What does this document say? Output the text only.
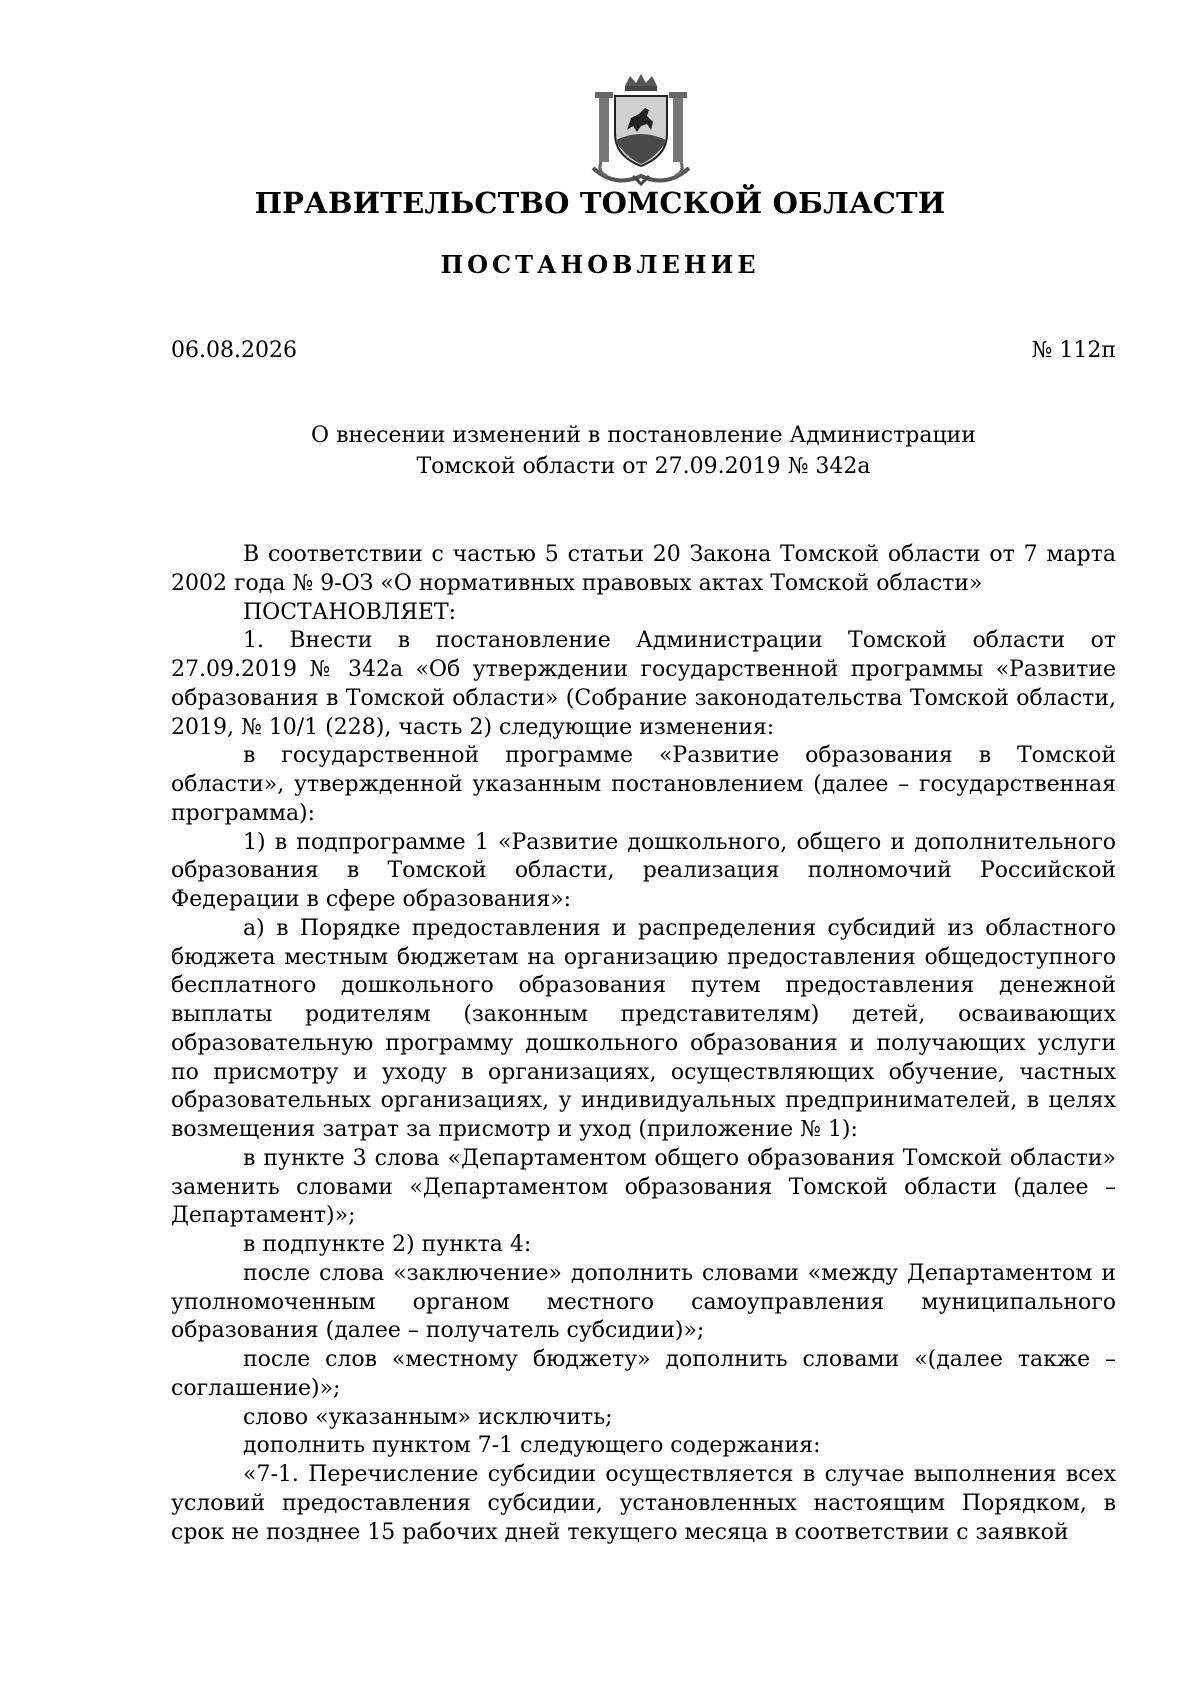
ПРАВИТЕЛЬСТВО ТОМСКОЙ ОБЛАСТИ
ПОСТАНОВЛЕНИЕ
06.08.2026	№ 112п
О внесении изменений в постановление Администрации
Томской области от 27.09.2019 № 342а

В соответствии с частью 5 статьи 20 Закона Томской области от 7 марта 2002 года № 9-ОЗ «О нормативных правовых актах Томской области»

ПОСТАНОВЛЯЕТ:

1. Внести в постановление Администрации Томской области от 27.09.2019 № 342а «Об утверждении государственной программы «Развитие образования в Томской области» (Собрание законодательства Томской области, 2019, № 10/1 (228), часть 2) следующие изменения:

в государственной программе «Развитие образования в Томской области», утвержденной указанным постановлением (далее – государственная программа):

1) в подпрограмме 1 «Развитие дошкольного, общего и дополнительного образования в Томской области, реализация полномочий Российской Федерации в сфере образования»:

а) в Порядке предоставления и распределения субсидий из областного бюджета местным бюджетам на организацию предоставления общедоступного бесплатного дошкольного образования путем предоставления денежной выплаты родителям (законным представителям) детей, осваивающих образовательную программу дошкольного образования и получающих услуги по присмотру и уходу в организациях, осуществляющих обучение, частных образовательных организациях, у индивидуальных предпринимателей, в целях возмещения затрат за присмотр и уход (приложение № 1):

в пункте 3 слова «Департаментом общего образования Томской области» заменить словами «Департаментом образования Томской области (далее – Департамент)»;

в подпункте 2) пункта 4:

после слова «заключение» дополнить словами «между Департаментом и уполномоченным органом местного самоуправления муниципального образования (далее – получатель субсидии)»;

после слов «местному бюджету» дополнить словами «(далее также – соглашение)»;

слово «указанным» исключить;

дополнить пунктом 7-1 следующего содержания:

«7-1. Перечисление субсидии осуществляется в случае выполнения всех условий предоставления субсидии, установленных настоящим Порядком, в срок не позднее 15 рабочих дней текущего месяца в соответствии с заявкой
